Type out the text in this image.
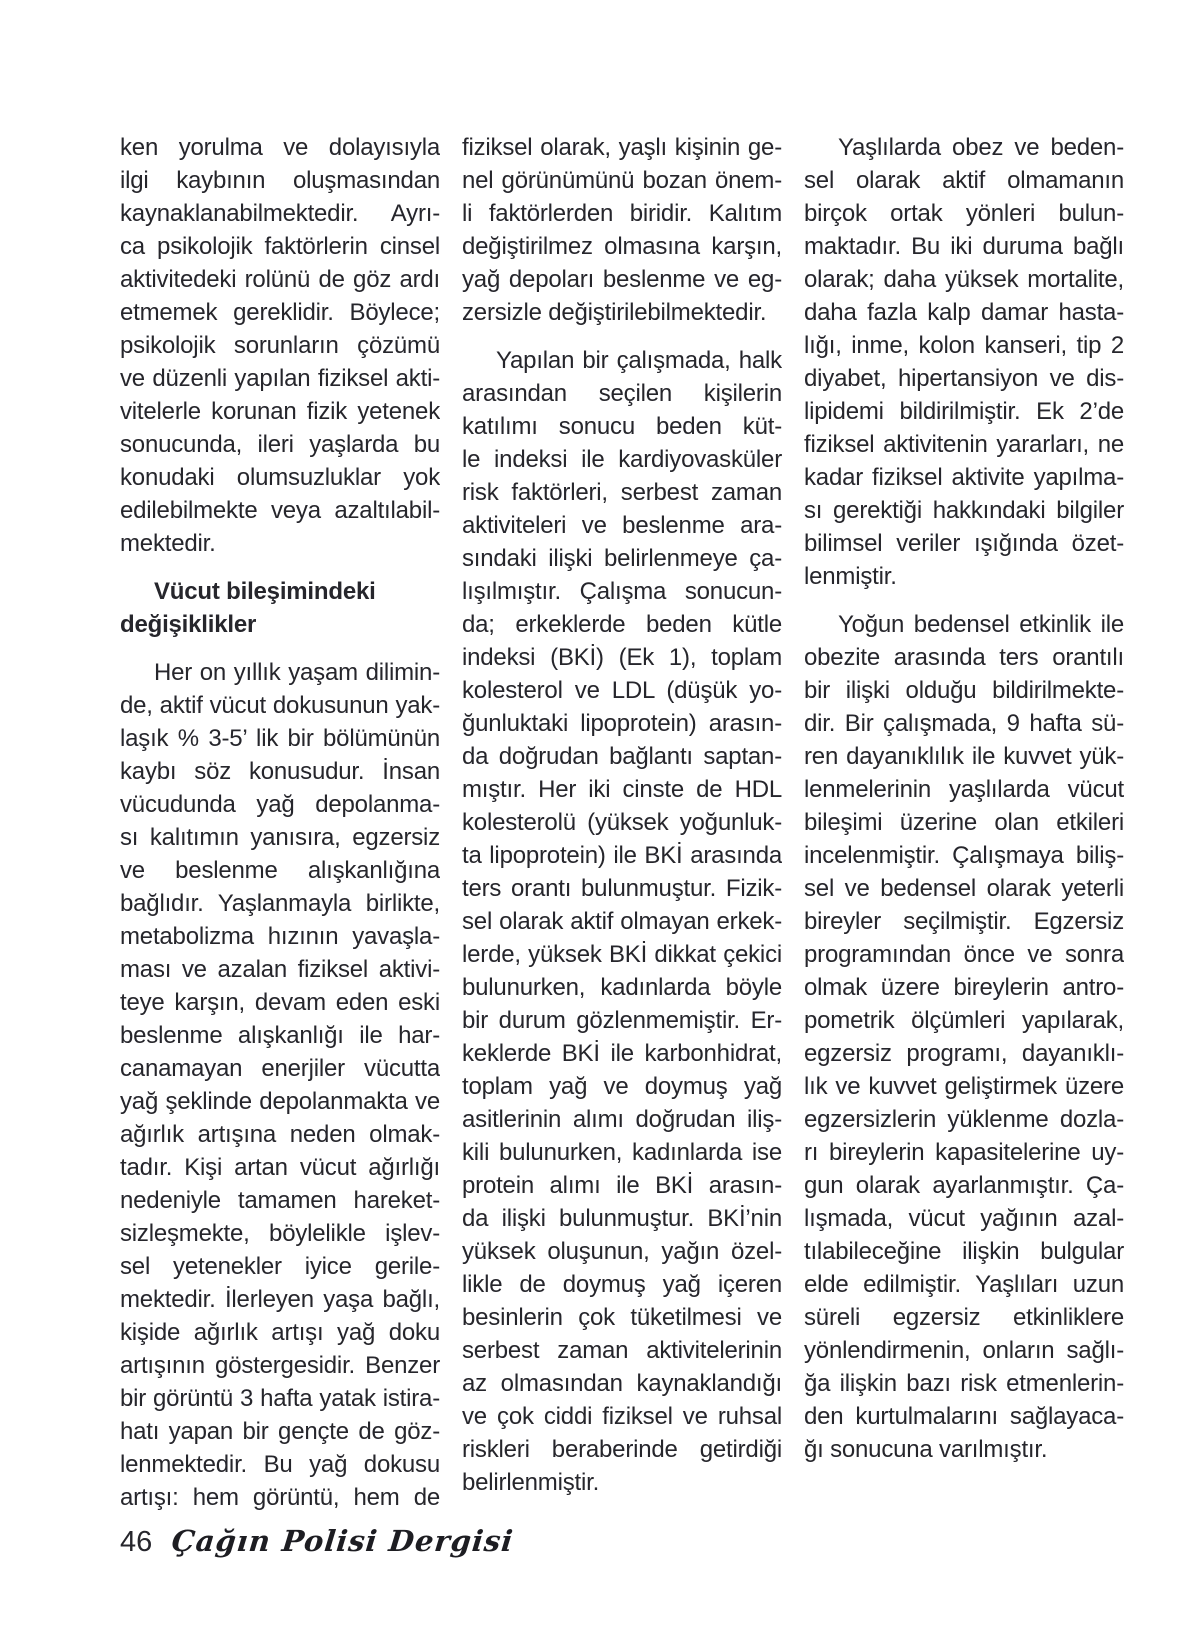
ken yorulma ve dolayısıyla
ilgi kaybının oluşmasından
kaynaklanabilmektedir. Ayrı-
ca psikolojik faktörlerin cinsel
aktivitedeki rolünü de göz ardı
etmemek gereklidir. Böylece;
psikolojik sorunların çözümü
ve düzenli yapılan fiziksel akti-
vitelerle korunan fizik yetenek
sonucunda, ileri yaşlarda bu
konudaki olumsuzluklar yok
edilebilmekte veya azaltılabil-
mektedir.
Vücut bileşimindeki
değişiklikler
Her on yıllık yaşam dilimin-
de, aktif vücut dokusunun yak-
laşık % 3-5’ lik bir bölümünün
kaybı söz konusudur. İnsan
vücudunda yağ depolanma-
sı kalıtımın yanısıra, egzersiz
ve beslenme alışkanlığına
bağlıdır. Yaşlanmayla birlikte,
metabolizma hızının yavaşla-
ması ve azalan fiziksel aktivi-
teye karşın, devam eden eski
beslenme alışkanlığı ile har-
canamayan enerjiler vücutta
yağ şeklinde depolanmakta ve
ağırlık artışına neden olmak-
tadır. Kişi artan vücut ağırlığı
nedeniyle tamamen hareket-
sizleşmekte, böylelikle işlev-
sel yetenekler iyice gerile-
mektedir. İlerleyen yaşa bağlı,
kişide ağırlık artışı yağ doku
artışının göstergesidir. Benzer
bir görüntü 3 hafta yatak istira-
hatı yapan bir gençte de göz-
lenmektedir. Bu yağ dokusu
artışı: hem görüntü, hem de
fiziksel olarak, yaşlı kişinin ge-
nel görünümünü bozan önem-
li faktörlerden biridir. Kalıtım
değiştirilmez olmasına karşın,
yağ depoları beslenme ve eg-
zersizle değiştirilebilmektedir.
Yapılan bir çalışmada, halk
arasından seçilen kişilerin
katılımı sonucu beden küt-
le indeksi ile kardiyovasküler
risk faktörleri, serbest zaman
aktiviteleri ve beslenme ara-
sındaki ilişki belirlenmeye ça-
lışılmıştır. Çalışma sonucun-
da; erkeklerde beden kütle
indeksi (BKİ) (Ek 1), toplam
kolesterol ve LDL (düşük yo-
ğunluktaki lipoprotein) arasın-
da doğrudan bağlantı saptan-
mıştır. Her iki cinste de HDL
kolesterolü (yüksek yoğunluk-
ta lipoprotein) ile BKİ arasında
ters orantı bulunmuştur. Fizik-
sel olarak aktif olmayan erkek-
lerde, yüksek BKİ dikkat çekici
bulunurken, kadınlarda böyle
bir durum gözlenmemiştir. Er-
keklerde BKİ ile karbonhidrat,
toplam yağ ve doymuş yağ
asitlerinin alımı doğrudan iliş-
kili bulunurken, kadınlarda ise
protein alımı ile BKİ arasın-
da ilişki bulunmuştur. BKİ’nin
yüksek oluşunun, yağın özel-
likle de doymuş yağ içeren
besinlerin çok tüketilmesi ve
serbest zaman aktivitelerinin
az olmasından kaynaklandığı
ve çok ciddi fiziksel ve ruhsal
riskleri beraberinde getirdiği
belirlenmiştir.
Yaşlılarda obez ve beden-
sel olarak aktif olmamanın
birçok ortak yönleri bulun-
maktadır. Bu iki duruma bağlı
olarak; daha yüksek mortalite,
daha fazla kalp damar hasta-
lığı, inme, kolon kanseri, tip 2
diyabet, hipertansiyon ve dis-
lipidemi bildirilmiştir. Ek 2’de
fiziksel aktivitenin yararları, ne
kadar fiziksel aktivite yapılma-
sı gerektiği hakkındaki bilgiler
bilimsel veriler ışığında özet-
lenmiştir.
Yoğun bedensel etkinlik ile
obezite arasında ters orantılı
bir ilişki olduğu bildirilmekte-
dir. Bir çalışmada, 9 hafta sü-
ren dayanıklılık ile kuvvet yük-
lenmelerinin yaşlılarda vücut
bileşimi üzerine olan etkileri
incelenmiştir. Çalışmaya biliş-
sel ve bedensel olarak yeterli
bireyler seçilmiştir. Egzersiz
programından önce ve sonra
olmak üzere bireylerin antro-
pometrik ölçümleri yapılarak,
egzersiz programı, dayanıklı-
lık ve kuvvet geliştirmek üzere
egzersizlerin yüklenme dozla-
rı bireylerin kapasitelerine uy-
gun olarak ayarlanmıştır. Ça-
lışmada, vücut yağının azal-
tılabileceğine ilişkin bulgular
elde edilmiştir. Yaşlıları uzun
süreli egzersiz etkinliklere
yönlendirmenin, onların sağlı-
ğa ilişkin bazı risk etmenlerin-
den kurtulmalarını sağlayaca-
ğı sonucuna varılmıştır.
46 Çağın Polisi Dergisi
